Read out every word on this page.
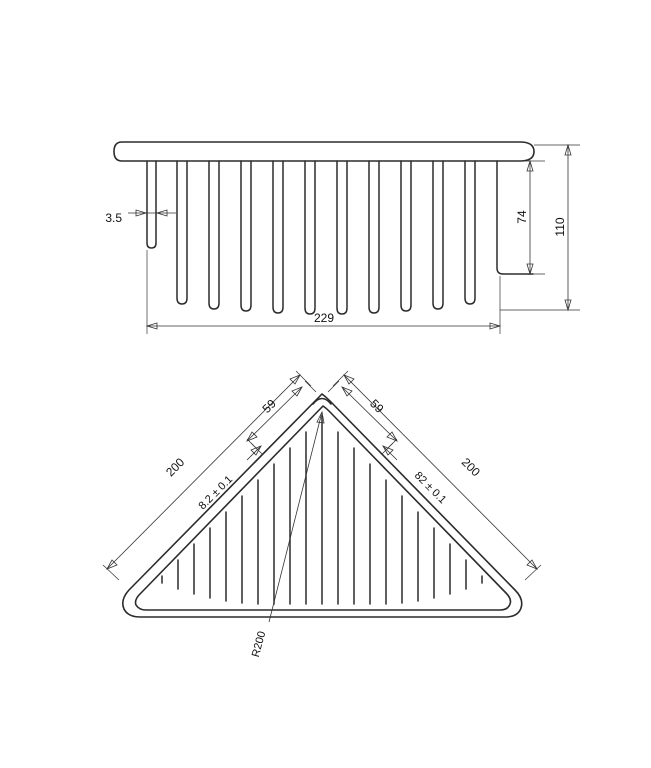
229
3.5	74
110
200	200
59	59
8.2 ± 0.1	82 ± 0.1
R200
